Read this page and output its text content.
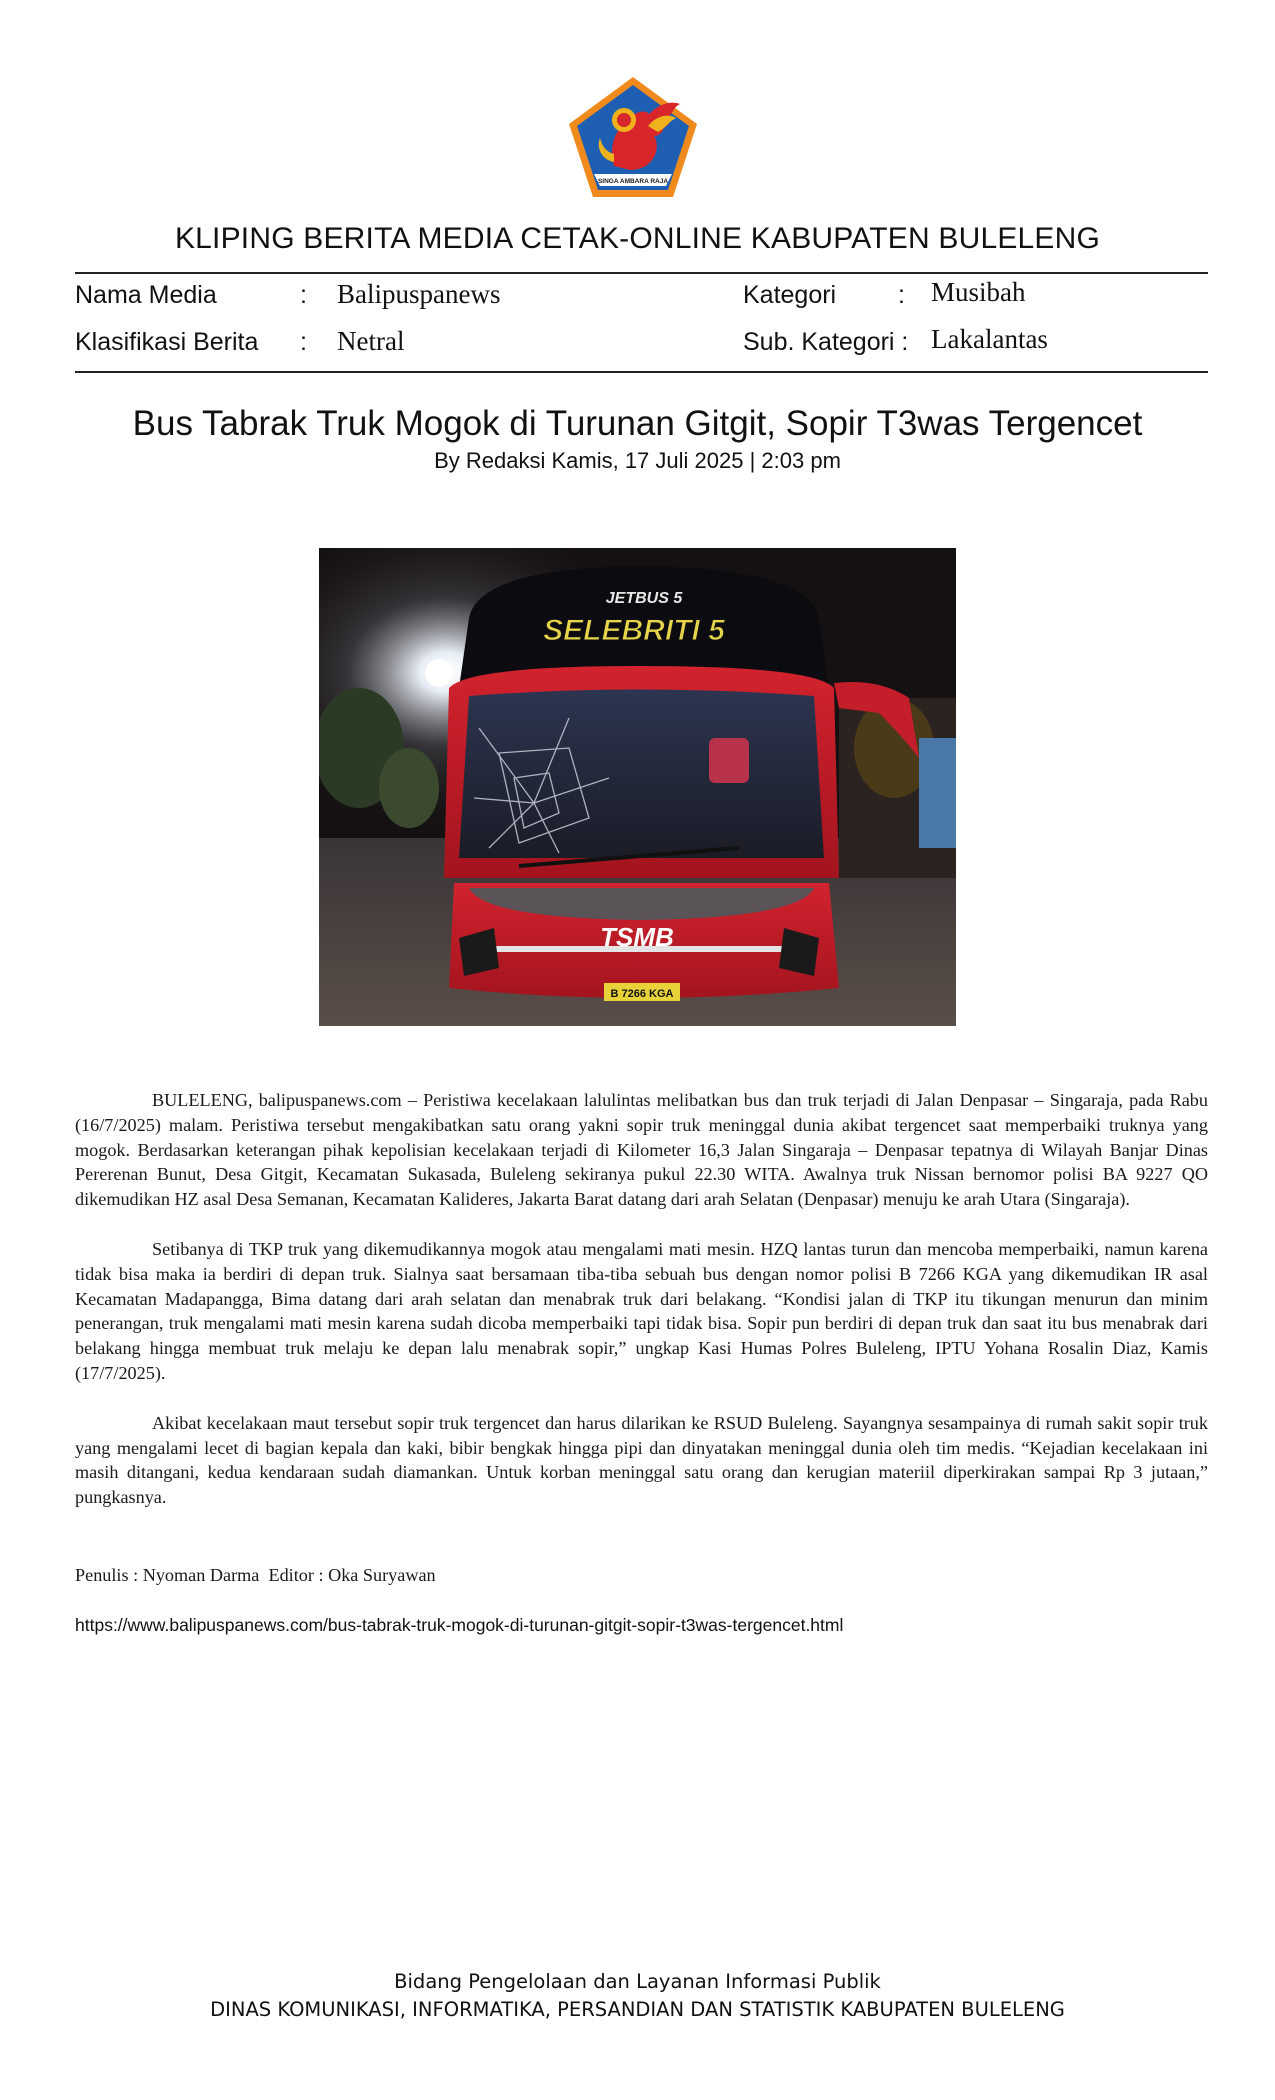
SINGA AMBARA RAJA
KLIPING BERITA MEDIA CETAK-ONLINE KABUPATEN BULELENG
Nama Media	: Balipuspanews
Klasifikasi Berita : Netral
Kategori : Musibah
Sub. Kategori : Lakalantas
Bus Tabrak Truk Mogok di Turunan Gitgit, Sopir T3was Tergencet
By Redaksi Kamis, 17 Juli 2025 | 2:03 pm
JETBUS 5
SELEBRITI 5
TSMB
B 7266 KGA

BULELENG, balipuspanews.com – Peristiwa kecelakaan lalulintas melibatkan bus dan truk terjadi di Jalan Denpasar – Singaraja, pada Rabu (16/7/2025) malam. Peristiwa tersebut mengakibatkan satu orang yakni sopir truk meninggal dunia akibat tergencet saat memperbaiki truknya yang mogok. Berdasarkan keterangan pihak kepolisian kecelakaan terjadi di Kilometer 16,3 Jalan Singaraja – Denpasar tepatnya di Wilayah Banjar Dinas Pererenan Bunut, Desa Gitgit, Kecamatan Sukasada, Buleleng sekiranya pukul 22.30 WITA. Awalnya truk Nissan bernomor polisi BA 9227 QO dikemudikan HZ asal Desa Semanan, Kecamatan Kalideres, Jakarta Barat datang dari arah Selatan (Denpasar) menuju ke arah Utara (Singaraja).

Setibanya di TKP truk yang dikemudikannya mogok atau mengalami mati mesin. HZQ lantas turun dan mencoba memperbaiki, namun karena tidak bisa maka ia berdiri di depan truk. Sialnya saat bersamaan tiba-tiba sebuah bus dengan nomor polisi B 7266 KGA yang dikemudikan IR asal Kecamatan Madapangga, Bima datang dari arah selatan dan menabrak truk dari belakang. “Kondisi jalan di TKP itu tikungan menurun dan minim penerangan, truk mengalami mati mesin karena sudah dicoba memperbaiki tapi tidak bisa. Sopir pun berdiri di depan truk dan saat itu bus menabrak dari belakang hingga membuat truk melaju ke depan lalu menabrak sopir,” ungkap Kasi Humas Polres Buleleng, IPTU Yohana Rosalin Diaz, Kamis (17/7/2025).

Akibat kecelakaan maut tersebut sopir truk tergencet dan harus dilarikan ke RSUD Buleleng. Sayangnya sesampainya di rumah sakit sopir truk yang mengalami lecet di bagian kepala dan kaki, bibir bengkak hingga pipi dan dinyatakan meninggal dunia oleh tim medis. “Kejadian kecelakaan ini masih ditangani, kedua kendaraan sudah diamankan. Untuk korban meninggal satu orang dan kerugian materiil diperkirakan sampai Rp 3 jutaan,” pungkasnya.

Penulis : Nyoman Darma  Editor : Oka Suryawan
https://www.balipuspanews.com/bus-tabrak-truk-mogok-di-turunan-gitgit-sopir-t3was-tergencet.html
Bidang Pengelolaan dan Layanan Informasi Publik
DINAS KOMUNIKASI, INFORMATIKA, PERSANDIAN DAN STATISTIK KABUPATEN BULELENG
